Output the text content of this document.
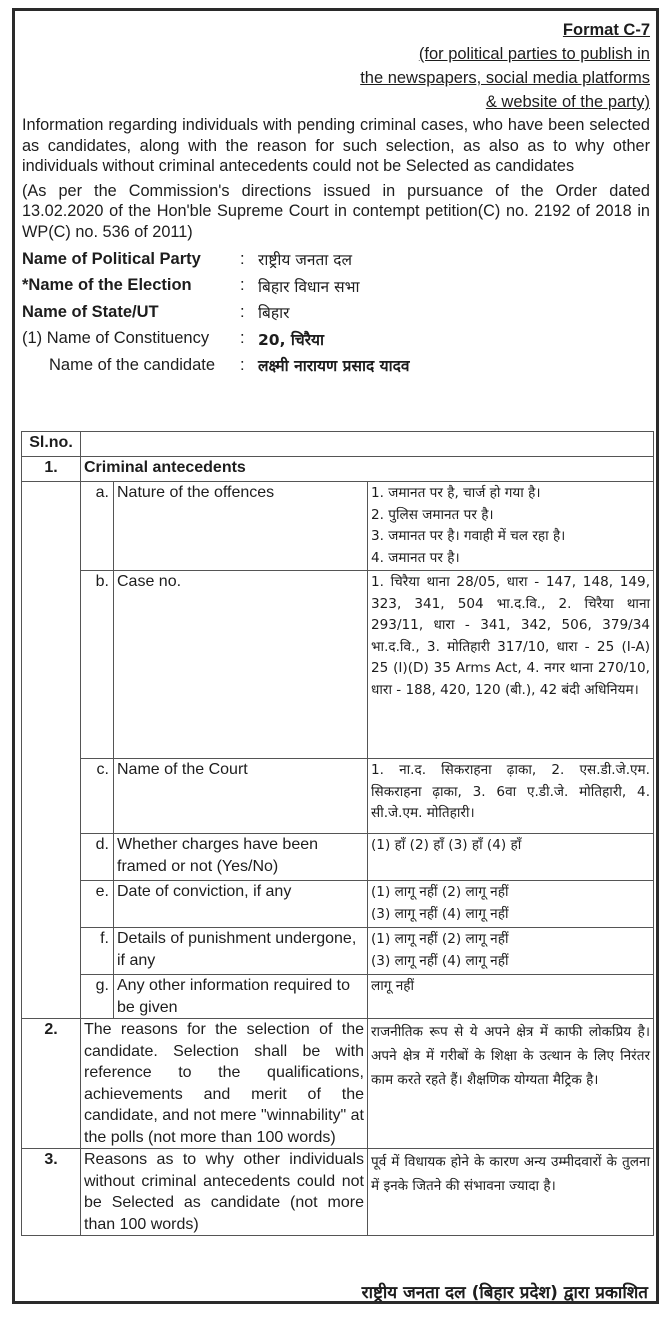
Format C-7
(for political parties to publish in
the newspapers, social media platforms
& website of the party)
Information regarding individuals with pending criminal cases, who have been selected as candidates, along with the reason for such selection, as also as to why other individuals without criminal antecedents could not be Selected as candidates
(As per the Commission's directions issued in pursuance of the Order dated 13.02.2020 of the Hon'ble Supreme Court in contempt petition(C) no. 2192 of 2018 in WP(C) no. 536 of 2011)
Name of Political Party	: राष्ट्रीय जनता दल
*Name of the Election	: बिहार विधान सभा
Name of State/UT	: बिहार
(1) Name of Constituency	: 20, चिरैया
Name of the candidate	: लक्ष्मी नारायण प्रसाद यादव
Sl.no.			
1.	Criminal antecedents		
	a.	Nature of the offences	1. जमानत पर है, चार्ज हो गया है।
2. पुलिस जमानत पर है।
3. जमानत पर है। गवाही में चल रहा है।
4. जमानत पर है।

	b.	Case no.	1. चिरैया थाना 28/05, धारा - 147, 148, 149, 323, 341, 504 भा.द.वि., 2. चिरैया थाना 293/11, धारा - 341, 342, 506, 379/34 भा.द.वि., 3. मोतिहारी 317/10, धारा - 25 (I-A) 25 (I)(D) 35 Arms Act, 4. नगर थाना 270/10, धारा - 188, 420, 120 (बी.), 42 बंदी अधिनियम।
	c.	Name of the Court	1. ना.द. सिकराहना ढ़ाका, 2. एस.डी.जे.एम. सिकराहना ढ़ाका, 3. 6वा ए.डी.जे. मोतिहारी, 4. सी.जे.एम. मोतिहारी।
	d.	Whether charges have been framed or not (Yes/No)	(1) हाँ (2) हाँ (3) हाँ (4) हाँ
	e.	Date of conviction, if any	(1) लागू नहीं (2) लागू नहीं
(3) लागू नहीं (4) लागू नहीं

	f.	Details of punishment undergone, if any	(1) लागू नहीं (2) लागू नहीं
(3) लागू नहीं (4) लागू नहीं

	g.	Any other information required to be given	लागू नहीं
2.	The reasons for the selection of the candidate. Selection shall be with reference to the qualifications, achievements and merit of the candidate, and not mere "winnability" at the polls (not more than 100 words)		राजनीतिक रूप से ये अपने क्षेत्र में काफी लोकप्रिय है। अपने क्षेत्र में गरीबों के शिक्षा के उत्थान के लिए निरंतर काम करते रहते हैं। शैक्षणिक योग्यता मैट्रिक है।
3.	Reasons as to why other individuals without criminal antecedents could not be Selected as candidate (not more than 100 words)		पूर्व में विधायक होने के कारण अन्य उम्मीदवारों के तुलना में इनके जितने की संभावना ज्यादा है।
राष्ट्रीय जनता दल (बिहार प्रदेश) द्वारा प्रकाशित
